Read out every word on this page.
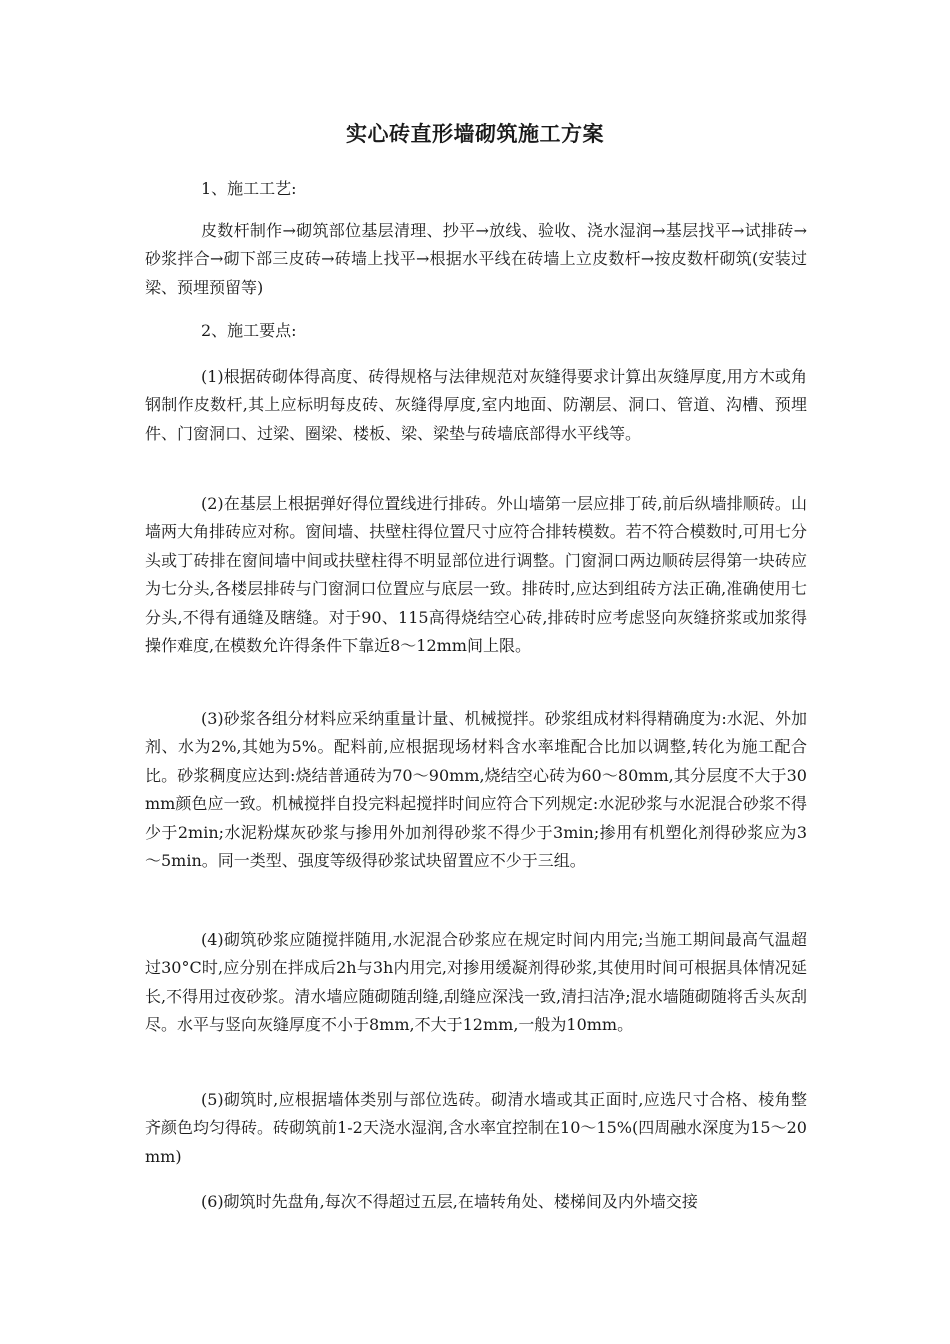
实心砖直形墙砌筑施工方案

1、施工工艺:

皮数杆制作→砌筑部位基层清理、抄平→放线、验收、浇水湿润→基层找平→试排砖→砂浆拌合→砌下部三皮砖→砖墙上找平→根据水平线在砖墙上立皮数杆→按皮数杆砌筑(安装过梁、预埋预留等)

2、施工要点:

(1)根据砖砌体得高度、砖得规格与法律规范对灰缝得要求计算出灰缝厚度,用方木或角钢制作皮数杆,其上应标明每皮砖、灰缝得厚度,室内地面、防潮层、洞口、管道、沟槽、预埋件、门窗洞口、过梁、圈梁、楼板、梁、梁垫与砖墙底部得水平线等。

(2)在基层上根据弹好得位置线进行排砖。外山墙第一层应排丁砖,前后纵墙排顺砖。山墙两大角排砖应对称。窗间墙、扶壁柱得位置尺寸应符合排转模数。若不符合模数时,可用七分头或丁砖排在窗间墙中间或扶壁柱得不明显部位进行调整。门窗洞口两边顺砖层得第一块砖应为七分头,各楼层排砖与门窗洞口位置应与底层一致。排砖时,应达到组砖方法正确,准确使用七分头,不得有通缝及瞎缝。对于90、115高得烧结空心砖,排砖时应考虑竖向灰缝挤浆或加浆得操作难度,在模数允许得条件下靠近8～12mm间上限。

(3)砂浆各组分材料应采纳重量计量、机械搅拌。砂浆组成材料得精确度为:水泥、外加剂、水为2%,其她为5%。配料前,应根据现场材料含水率堆配合比加以调整,转化为施工配合比。砂浆稠度应达到:烧结普通砖为70～90mm,烧结空心砖为60～80mm,其分层度不大于30mm颜色应一致。机械搅拌自投完料起搅拌时间应符合下列规定:水泥砂浆与水泥混合砂浆不得少于2min;水泥粉煤灰砂浆与掺用外加剂得砂浆不得少于3min;掺用有机塑化剂得砂浆应为3～5min。同一类型、强度等级得砂浆试块留置应不少于三组。

(4)砌筑砂浆应随搅拌随用,水泥混合砂浆应在规定时间内用完;当施工期间最高气温超过30°C时,应分别在拌成后2h与3h内用完,对掺用缓凝剂得砂浆,其使用时间可根据具体情况延长,不得用过夜砂浆。清水墙应随砌随刮缝,刮缝应深浅一致,清扫洁净;混水墙随砌随将舌头灰刮尽。水平与竖向灰缝厚度不小于8mm,不大于12mm,一般为10mm。

(5)砌筑时,应根据墙体类别与部位选砖。砌清水墙或其正面时,应选尺寸合格、棱角整齐颜色均匀得砖。砖砌筑前1-2天浇水湿润,含水率宜控制在10～15%(四周融水深度为15～20mm)

(6)砌筑时先盘角,每次不得超过五层,在墙转角处、楼梯间及内外墙交接
